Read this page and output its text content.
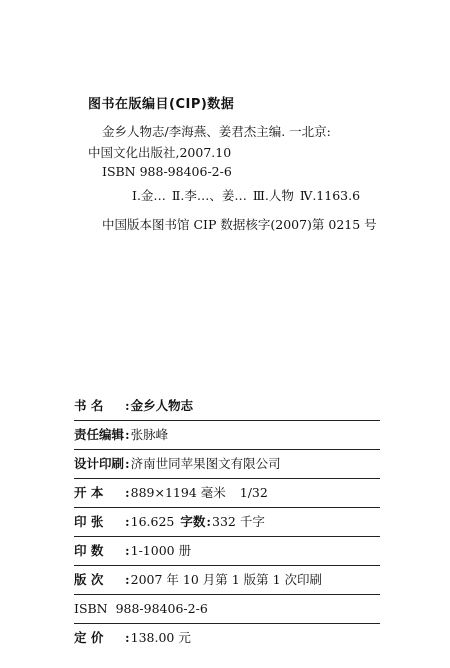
图书在版编目(CIP)数据
金乡人物志/李海燕、姜君杰主编. 一北京:
中国文化出版社,2007.10
ISBN 988-98406-2-6
Ⅰ.金… Ⅱ.李…、姜… Ⅲ.人物 Ⅳ.1163.6
中国版本图书馆 CIP 数据核字(2007)第 0215 号
书 名	: 金乡人物志
责任编辑 : 张脉峰
设计印刷 : 济南世同苹果图文有限公司
开 本	: 889×1194 毫米 1/32
印 张	: 16.625 字数 : 332 千字
印 数	: 1-1000 册
版 次	: 2007 年 10 月第 1 版第 1 次印刷
ISBN  988-98406-2-6
定 价	: 138.00 元
